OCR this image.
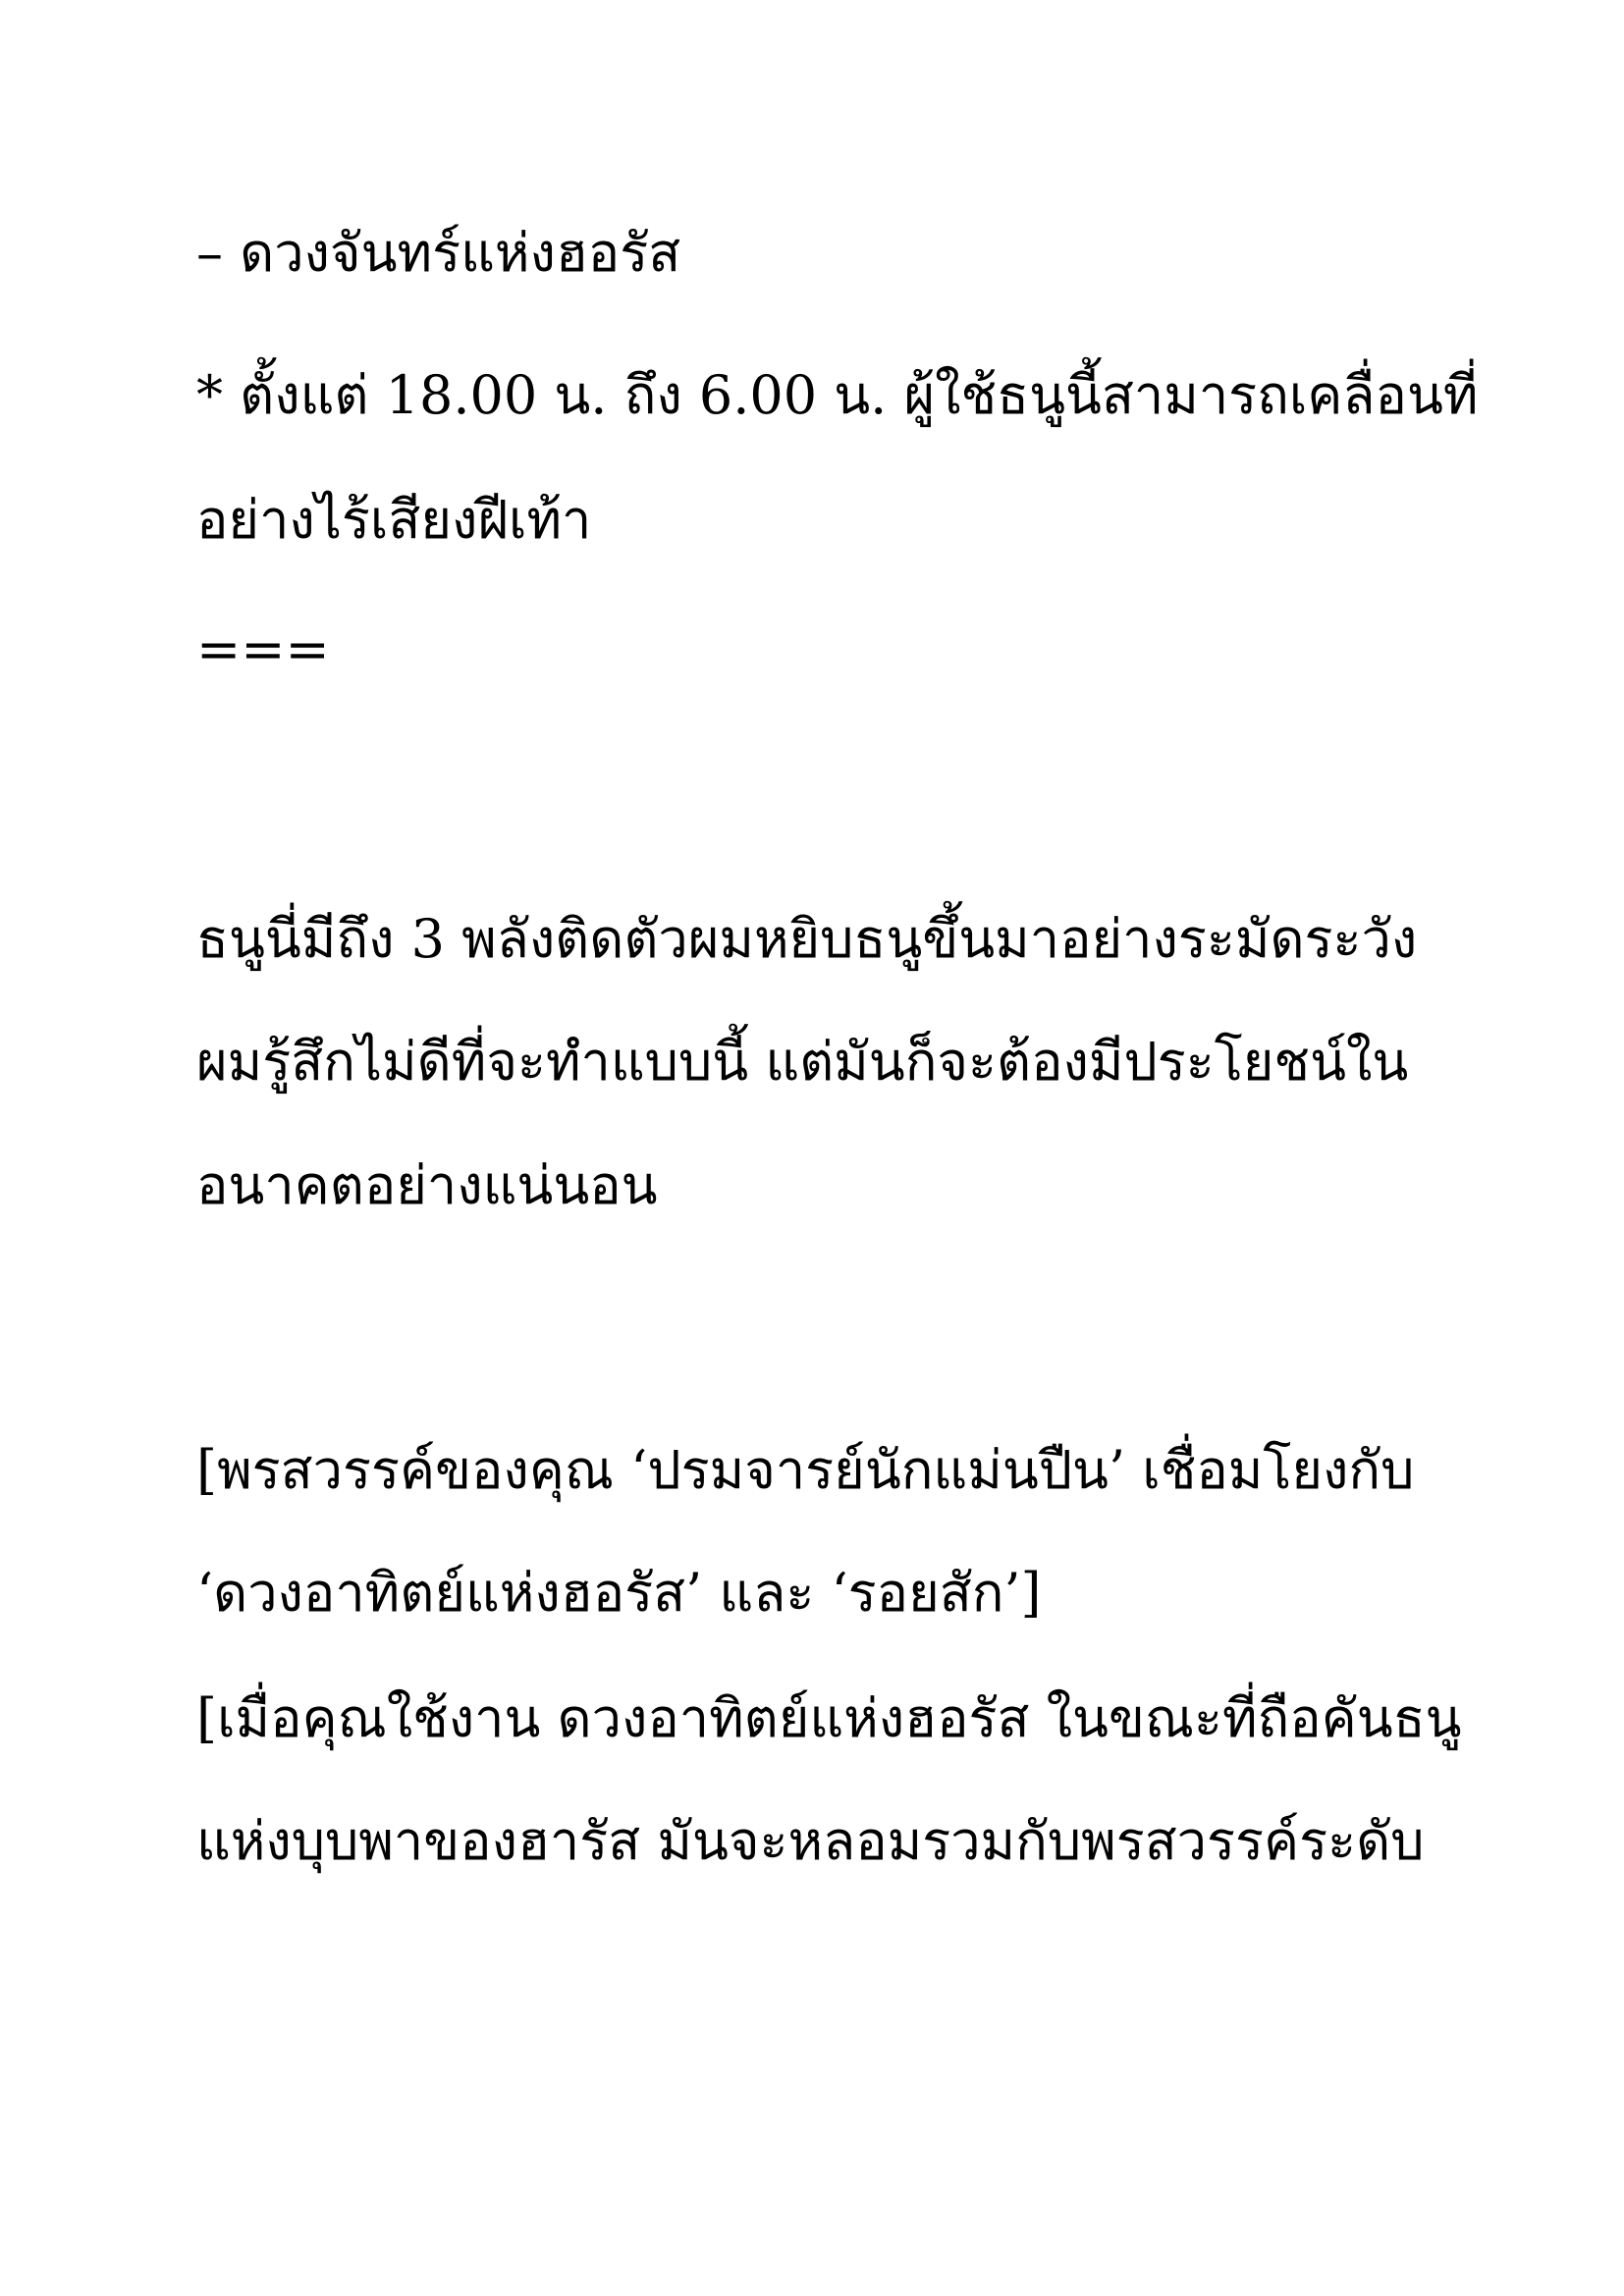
– ดวงจันทร์แห่งฮอรัส
* ตั้งแต่ 18.00 น. ถึง 6.00 น. ผู้ใช้ธนูนี้สามารถเคลื่อนที่
อย่างไร้เสียงฝีเท้า
===
ธนูนี่มีถึง 3 พลังติดตัวผมหยิบธนูขึ้นมาอย่างระมัดระวัง
ผมรู้สึกไม่ดีที่จะทำแบบนี้ แต่มันก็จะต้องมีประโยชน์ใน
อนาคตอย่างแน่นอน
[พรสวรรค์ของคุณ ‘ปรมจารย์นักแม่นปืน’ เชื่อมโยงกับ
‘ดวงอาทิตย์แห่งฮอรัส’ และ ‘รอยสัก’]
[เมื่อคุณใช้งาน ดวงอาทิตย์แห่งฮอรัส ในขณะที่ถือคันธนู
แห่งบุบพาของฮารัส มันจะหลอมรวมกับพรสวรรค์ระดับ
